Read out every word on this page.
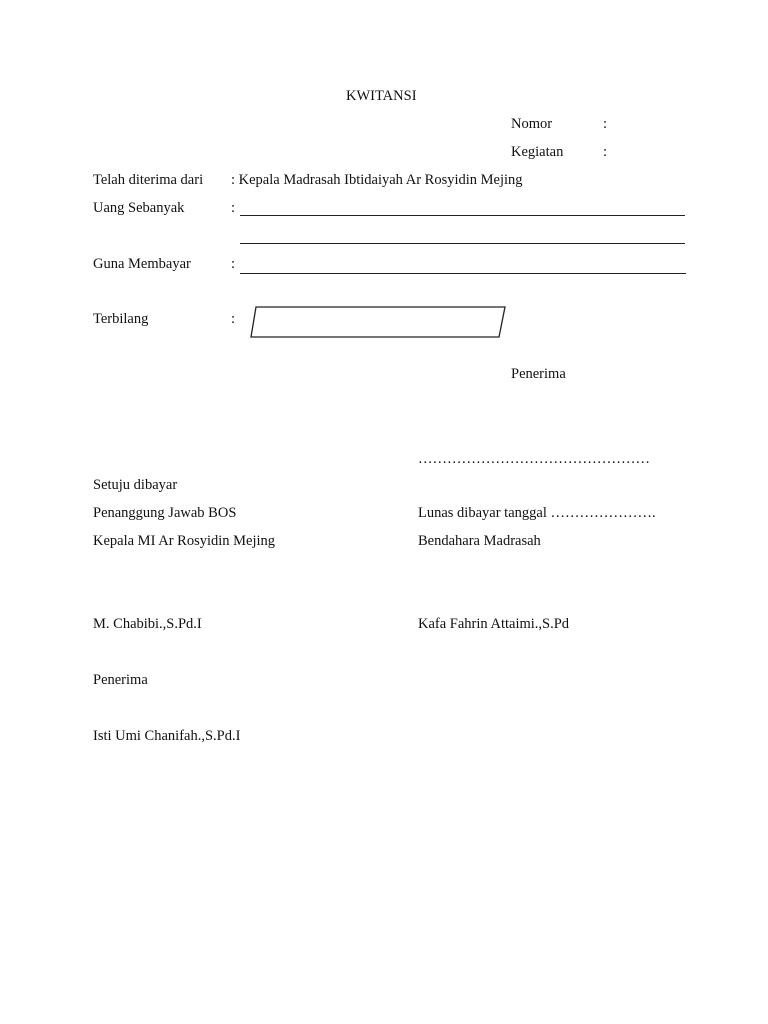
KWITANSI
Nomor	:
Kegiatan	:
Telah diterima dari : Kepala Madrasah Ibtidaiyah Ar Rosyidin Mejing
Uang Sebanyak	:
Guna Membayar	:
Terbilang	:
Penerima
…………………………………………
Setuju dibayar
Penanggung Jawab BOS
Kepala MI Ar Rosyidin Mejing
M. Chabibi.,S.Pd.I
Lunas dibayar tanggal ………………….
Bendahara Madrasah
Kafa Fahrin Attaimi.,S.Pd
Penerima
Isti Umi Chanifah.,S.Pd.I
